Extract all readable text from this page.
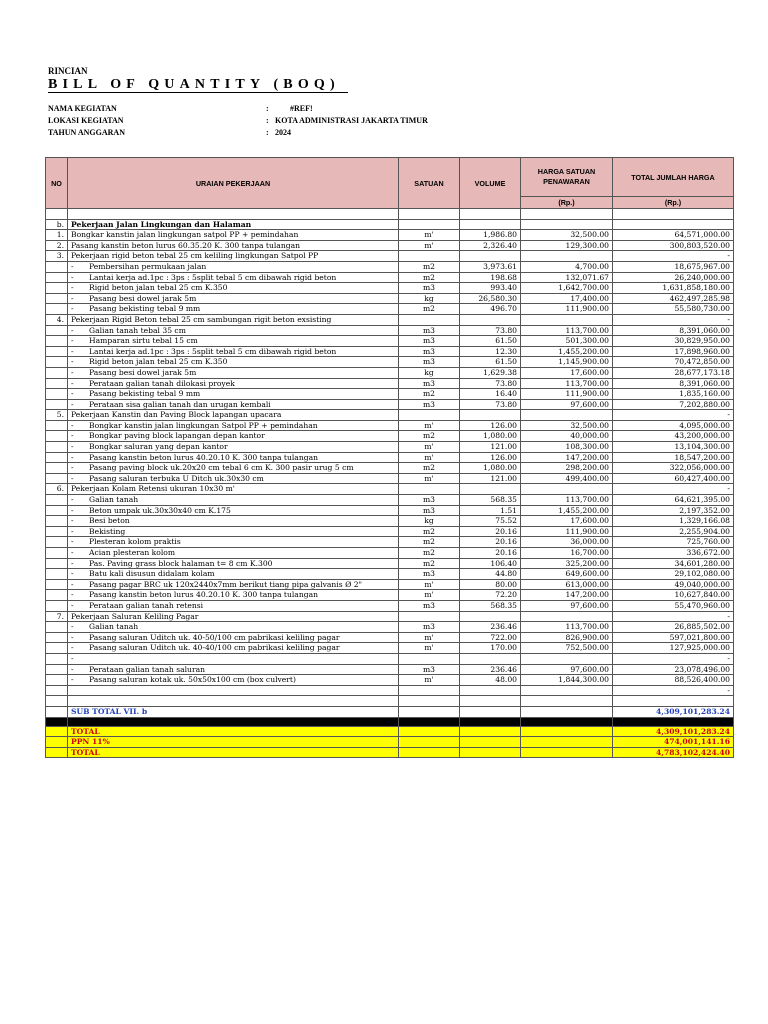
RINCIAN
BILL OF QUANTITY (BOQ)
NAMA KEGIATAN	:	#REF!
LOKASI KEGIATAN	: KOTA ADMINISTRASI JAKARTA TIMUR
TAHUN ANGGARAN	: 2024
NO	URAIAN PEKERJAAN	SATUAN	VOLUME	HARGA SATUAN PENAWARAN	TOTAL JUMLAH HARGA
				(Rp.)	(Rp.)

b.	Pekerjaan Jalan Lingkungan dan Halaman				
1.	Bongkar kanstin jalan lingkungan satpol PP + pemindahan	m'	1,986.80	32,500.00	64,571,000.00
2.	Pasang kanstin beton lurus 60.35.20 K. 300 tanpa tulangan	m'	2,326.40	129,300.00	300,803,520.00
3.	Pekerjaan rigid beton tebal 25 cm keliling lingkungan Satpol PP				-
	- Pembersihan permukaan jalan	m2	3,973.61	4,700.00	18,675,967.00
	- Lantai kerja ad.1pc : 3ps : 5split tebal 5 cm dibawah rigid beton	m2	198.68	132,071.67	26,240,000.00
	- Rigid beton jalan tebal 25 cm K.350	m3	993.40	1,642,700.00	1,631,858,180.00
	- Pasang besi dowel jarak 5m	kg	26,580.30	17,400.00	462,497,285.98
	- Pasang bekisting tebal 9 mm	m2	496.70	111,900.00	55,580,730.00
4.	Pekerjaan Rigid Beton tebal 25 cm sambungan rigit beton exsisting				-
	- Galian tanah tebal 35 cm	m3	73.80	113,700.00	8,391,060.00
	- Hamparan sirtu tebal 15 cm	m3	61.50	501,300.00	30,829,950.00
	- Lantai kerja ad.1pc : 3ps : 5split tebal 5 cm dibawah rigid beton	m3	12.30	1,455,200.00	17,898,960.00
	- Rigid beton jalan tebal 25 cm K.350	m3	61.50	1,145,900.00	70,472,850.00
	- Pasang besi dowel jarak 5m	kg	1,629.38	17,600.00	28,677,173.18
	- Perataan galian tanah dilokasi proyek	m3	73.80	113,700.00	8,391,060.00
	- Pasang bekisting tebal 9 mm	m2	16.40	111,900.00	1,835,160.00
	- Perataan sisa galian tanah dan urugan kembali	m3	73.80	97,600.00	7,202,880.00
5.	Pekerjaan Kanstin dan Paving Block lapangan upacara				-
	- Bongkar kanstin jalan lingkungan Satpol PP + pemindahan	m'	126.00	32,500.00	4,095,000.00
	- Bongkar paving block lapangan depan kantor	m2	1,080.00	40,000.00	43,200,000.00
	- Bongkar saluran yang depan kantor	m'	121.00	108,300.00	13,104,300.00
	- Pasang kanstin beton lurus 40.20.10 K. 300 tanpa tulangan	m'	126.00	147,200.00	18,547,200.00
	- Pasang paving block uk.20x20 cm tebal 6 cm K. 300 pasir urug 5 cm	m2	1,080.00	298,200.00	322,056,000.00
	- Pasang saluran terbuka U Ditch uk.30x30 cm	m'	121.00	499,400.00	60,427,400.00
6.	Pekerjaan Kolam Retensi ukuran 10x30 m'				-
	- Galian tanah	m3	568.35	113,700.00	64,621,395.00
	- Beton umpak uk.30x30x40 cm K.175	m3	1.51	1,455,200.00	2,197,352.00
	- Besi beton	kg	75.52	17,600.00	1,329,166.08
	- Bekisting	m2	20.16	111,900.00	2,255,904.00
	- Plesteran kolom praktis	m2	20.16	36,000.00	725,760.00
	- Acian plesteran kolom	m2	20.16	16,700.00	336,672.00
	- Pas. Paving grass block halaman t= 8 cm K.300	m2	106.40	325,200.00	34,601,280.00
	- Batu kali disusun didalam kolam	m3	44.80	649,600.00	29,102,080.00
	- Pasang pagar BRC uk 120x2440x7mm berikut tiang pipa galvanis Ø 2"	m'	80.00	613,000.00	49,040,000.00
	- Pasang kanstin beton lurus 40.20.10 K. 300 tanpa tulangan	m'	72.20	147,200.00	10,627,840.00
	- Perataan galian tanah retensi	m3	568.35	97,600.00	55,470,960.00
7.	Pekerjaan Saluran Keliling Pagar				-
	- Galian tanah	m3	236.46	113,700.00	26,885,502.00
	- Pasang saluran Uditch uk. 40-50/100 cm pabrikasi keliling pagar	m'	722.00	826,900.00	597,021,800.00
	- Pasang saluran Uditch uk. 40-40/100 cm pabrikasi keliling pagar	m'	170.00	752,500.00	127,925,000.00
	-				-
	- Perataan galian tanah saluran	m3	236.46	97,600.00	23,078,496.00
	- Pasang saluran kotak uk. 50x50x100 cm (box culvert)	m'	48.00	1,844,300.00	88,526,400.00
					-

	SUB TOTAL VII. b				4,309,101,283.24

	TOTAL				4,309,101,283.24
	PPN 11%				474,001,141.16
	TOTAL				4,783,102,424.40
